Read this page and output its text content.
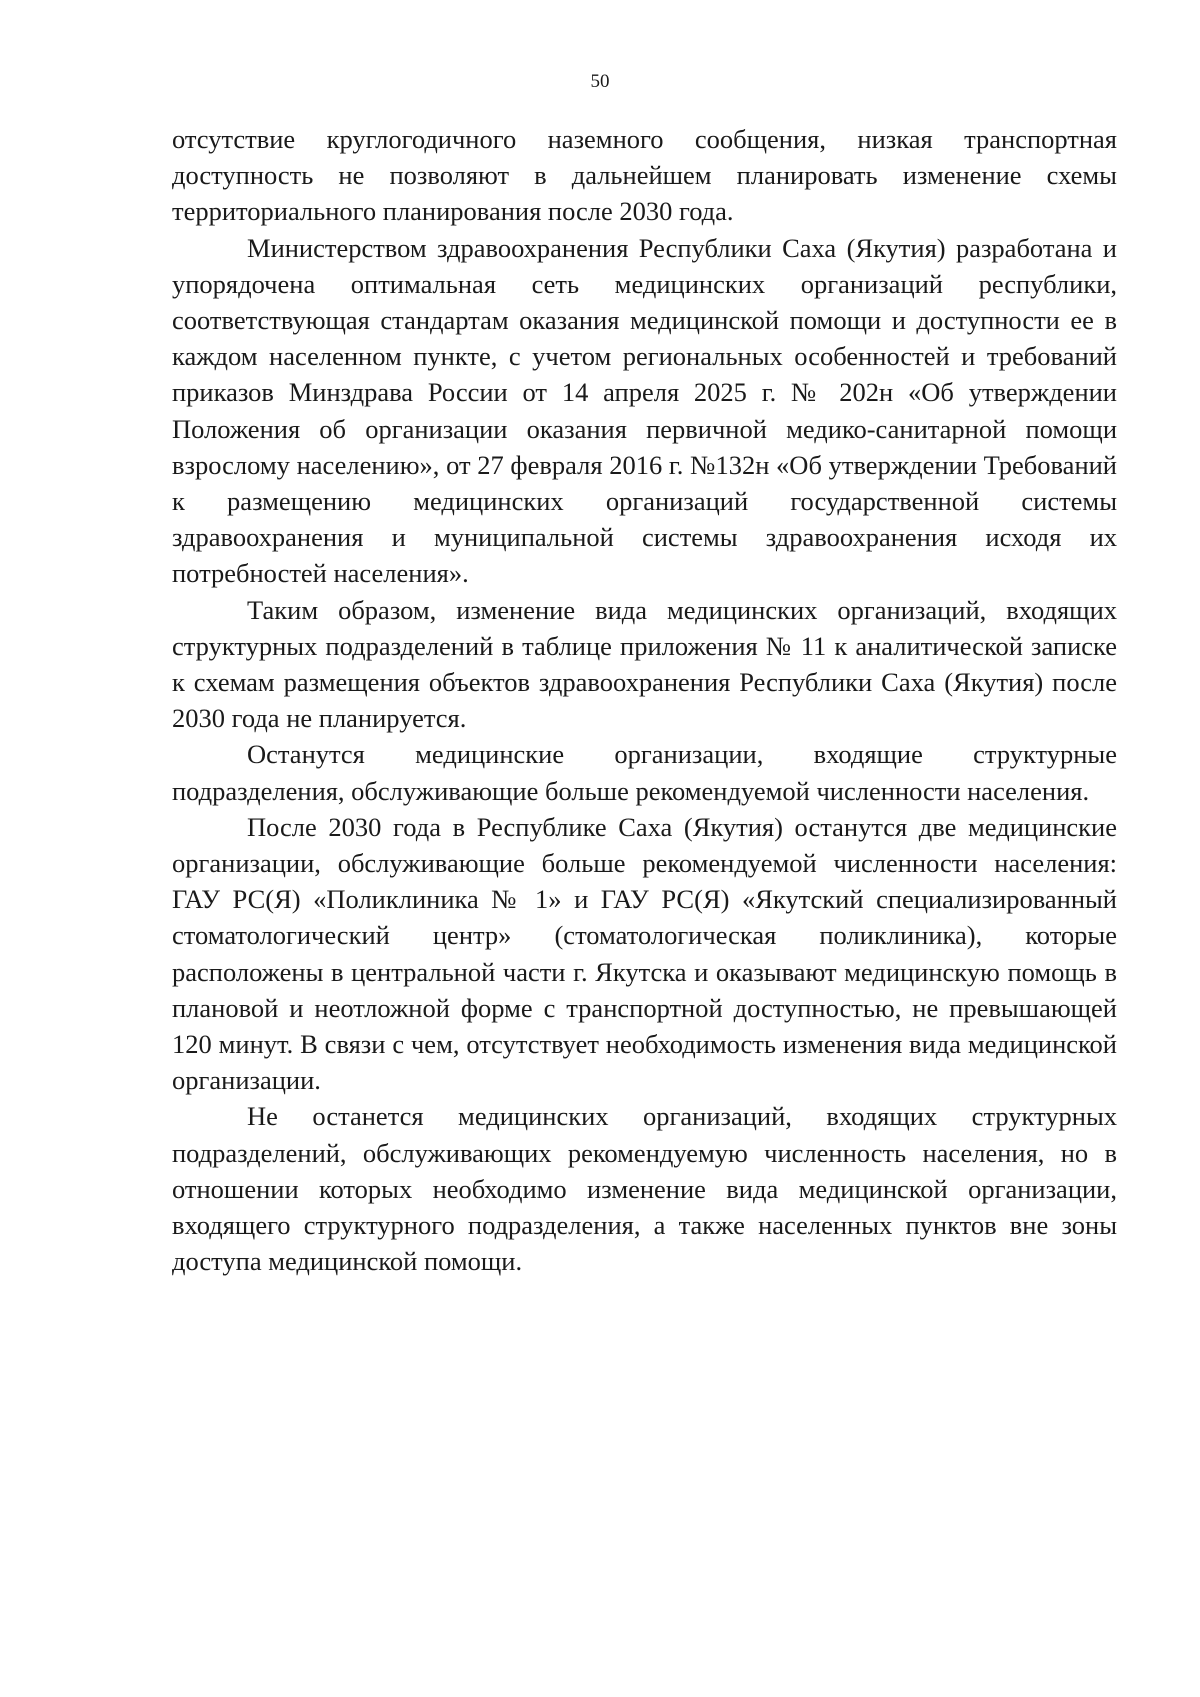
50

отсутствие круглогодичного наземного сообщения, низкая транспортная доступность не позволяют в дальнейшем планировать изменение схемы территориального планирования после 2030 года.

Министерством здравоохранения Республики Саха (Якутия) разработана и упорядочена оптимальная сеть медицинских организаций республики, соответствующая стандартам оказания медицинской помощи и доступности ее в каждом населенном пункте, с учетом региональных особенностей и требований приказов Минздрава России от 14 апреля 2025 г. № 202н «Об утверждении Положения об организации оказания первичной медико-санитарной помощи взрослому населению», от 27 февраля 2016 г. №132н «Об утверждении Требований к размещению медицинских организаций государственной системы здравоохранения и муниципальной системы здравоохранения исходя их потребностей населения».

Таким образом, изменение вида медицинских организаций, входящих структурных подразделений в таблице приложения № 11 к аналитической записке к схемам размещения объектов здравоохранения Республики Саха (Якутия) после 2030 года не планируется.

Останутся медицинские организации, входящие структурные подразделения, обслуживающие больше рекомендуемой численности населения.

После 2030 года в Республике Саха (Якутия) останутся две медицинские организации, обслуживающие больше рекомендуемой численности населения: ГАУ РС(Я) «Поликлиника № 1» и ГАУ РС(Я) «Якутский специализированный стоматологический центр» (стоматологическая поликлиника), которые расположены в центральной части г. Якутска и оказывают медицинскую помощь в плановой и неотложной форме с транспортной доступностью, не превышающей 120 минут. В связи с чем, отсутствует необходимость изменения вида медицинской организации.

Не останется медицинских организаций, входящих структурных подразделений, обслуживающих рекомендуемую численность населения, но в отношении которых необходимо изменение вида медицинской организации, входящего структурного подразделения, а также населенных пунктов вне зоны доступа медицинской помощи.
